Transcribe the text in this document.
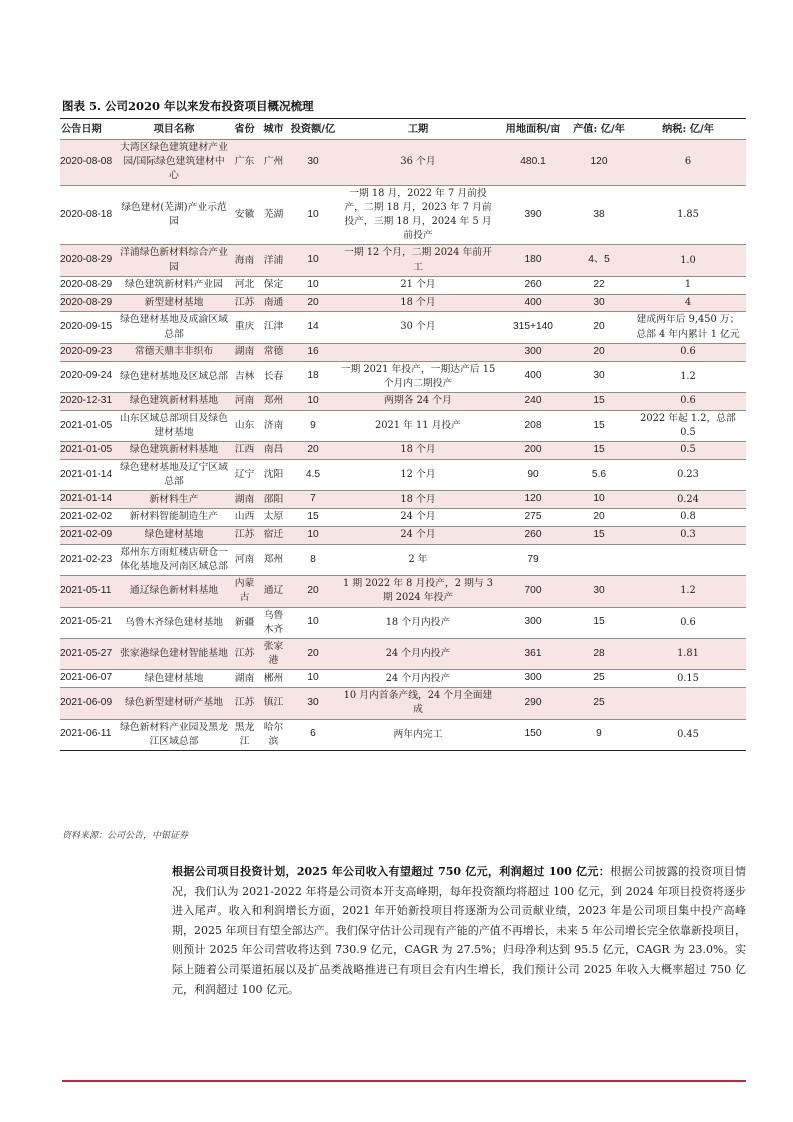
图表 5. 公司2020 年以来发布投资项目概况梳理
公告日期	项目名称	省份	城市	投资额/亿	工期	用地面积/亩	产值: 亿/年	纳税: 亿/年
2020-08-08	大湾区绿色建筑建材产业园/国际绿色建筑建材中心	广东	广州	30	36 个月	480.1	120	6
2020-08-18	绿色建材(芜湖)产业示范园	安徽	芜湖	10	一期 18 月，2022 年 7 月前投产，二期 18 月，2023 年 7 月前投产，三期 18 月，2024 年 5 月前投产	390	38	1.85
2020-08-29	洋浦绿色新材料综合产业园	海南	洋浦	10	一期 12 个月，二期 2024 年前开工	180	4、5	1.0
2020-08-29	绿色建筑新材料产业园	河北	保定	10	21 个月	260	22	1
2020-08-29	新型建材基地	江苏	南通	20	18 个月	400	30	4
2020-09-15	绿色建材基地及成渝区域总部	重庆	江津	14	30 个月	315+140	20	建成两年后 9,450 万；总部 4 年内累计 1 亿元
2020-09-23	常德天鼎丰非织布	湖南	常德	16		300	20	0.6
2020-09-24	绿色建材基地及区域总部	吉林	长春	18	一期 2021 年投产，一期达产后 15 个月内二期投产	400	30	1.2
2020-12-31	绿色建筑新材料基地	河南	郑州	10	两期各 24 个月	240	15	0.6
2021-01-05	山东区域总部项目及绿色建材基地	山东	济南	9	2021 年 11 月投产	208	15	2022 年起 1.2，总部 0.5
2021-01-05	绿色建筑新材料基地	江西	南昌	20	18 个月	200	15	0.5
2021-01-14	绿色建材基地及辽宁区域总部	辽宁	沈阳	4.5	12 个月	90	5.6	0.23
2021-01-14	新材料生产	湖南	邵阳	7	18 个月	120	10	0.24
2021-02-02	新材料智能制造生产	山西	太原	15	24 个月	275	20	0.8
2021-02-09	绿色建材基地	江苏	宿迁	10	24 个月	260	15	0.3
2021-02-23	郑州东方雨虹楼店研仓一体化基地及河南区域总部	河南	郑州	8	2 年	79		
2021-05-11	通辽绿色新材料基地	内蒙古	通辽	20	1 期 2022 年 8 月投产，2 期与 3 期 2024 年投产	700	30	1.2
2021-05-21	乌鲁木齐绿色建材基地	新疆	乌鲁木齐	10	18 个月内投产	300	15	0.6
2021-05-27	张家港绿色建材智能基地	江苏	张家港	20	24 个月内投产	361	28	1.81
2021-06-07	绿色建材基地	湖南	郴州	10	24 个月内投产	300	25	0.15
2021-06-09	绿色新型建材研产基地	江苏	镇江	30	10 月内首条产线，24 个月全面建成	290	25	
2021-06-11	绿色新材料产业园及黑龙江区域总部	黑龙江	哈尔滨	6	两年内完工	150	9	0.45
资料来源：公司公告，中银证券
根据公司项目投资计划，2025 年公司收入有望超过 750 亿元，利润超过 100 亿元：根据公司披露的投资项目情况，我们认为 2021-2022 年将是公司资本开支高峰期，每年投资额均将超过 100 亿元，到 2024 年项目投资将逐步进入尾声。收入和利润增长方面，2021 年开始新投项目将逐渐为公司贡献业绩，2023 年是公司项目集中投产高峰期，2025 年项目有望全部达产。我们保守估计公司现有产能的产值不再增长，未来 5 年公司增长完全依靠新投项目，则预计 2025 年公司营收将达到 730.9 亿元，CAGR 为 27.5%；归母净利达到 95.5 亿元，CAGR 为 23.0%。实际上随着公司渠道拓展以及扩品类战略推进已有项目会有内生增长，我们预计公司 2025 年收入大概率超过 750 亿元，利润超过 100 亿元。
